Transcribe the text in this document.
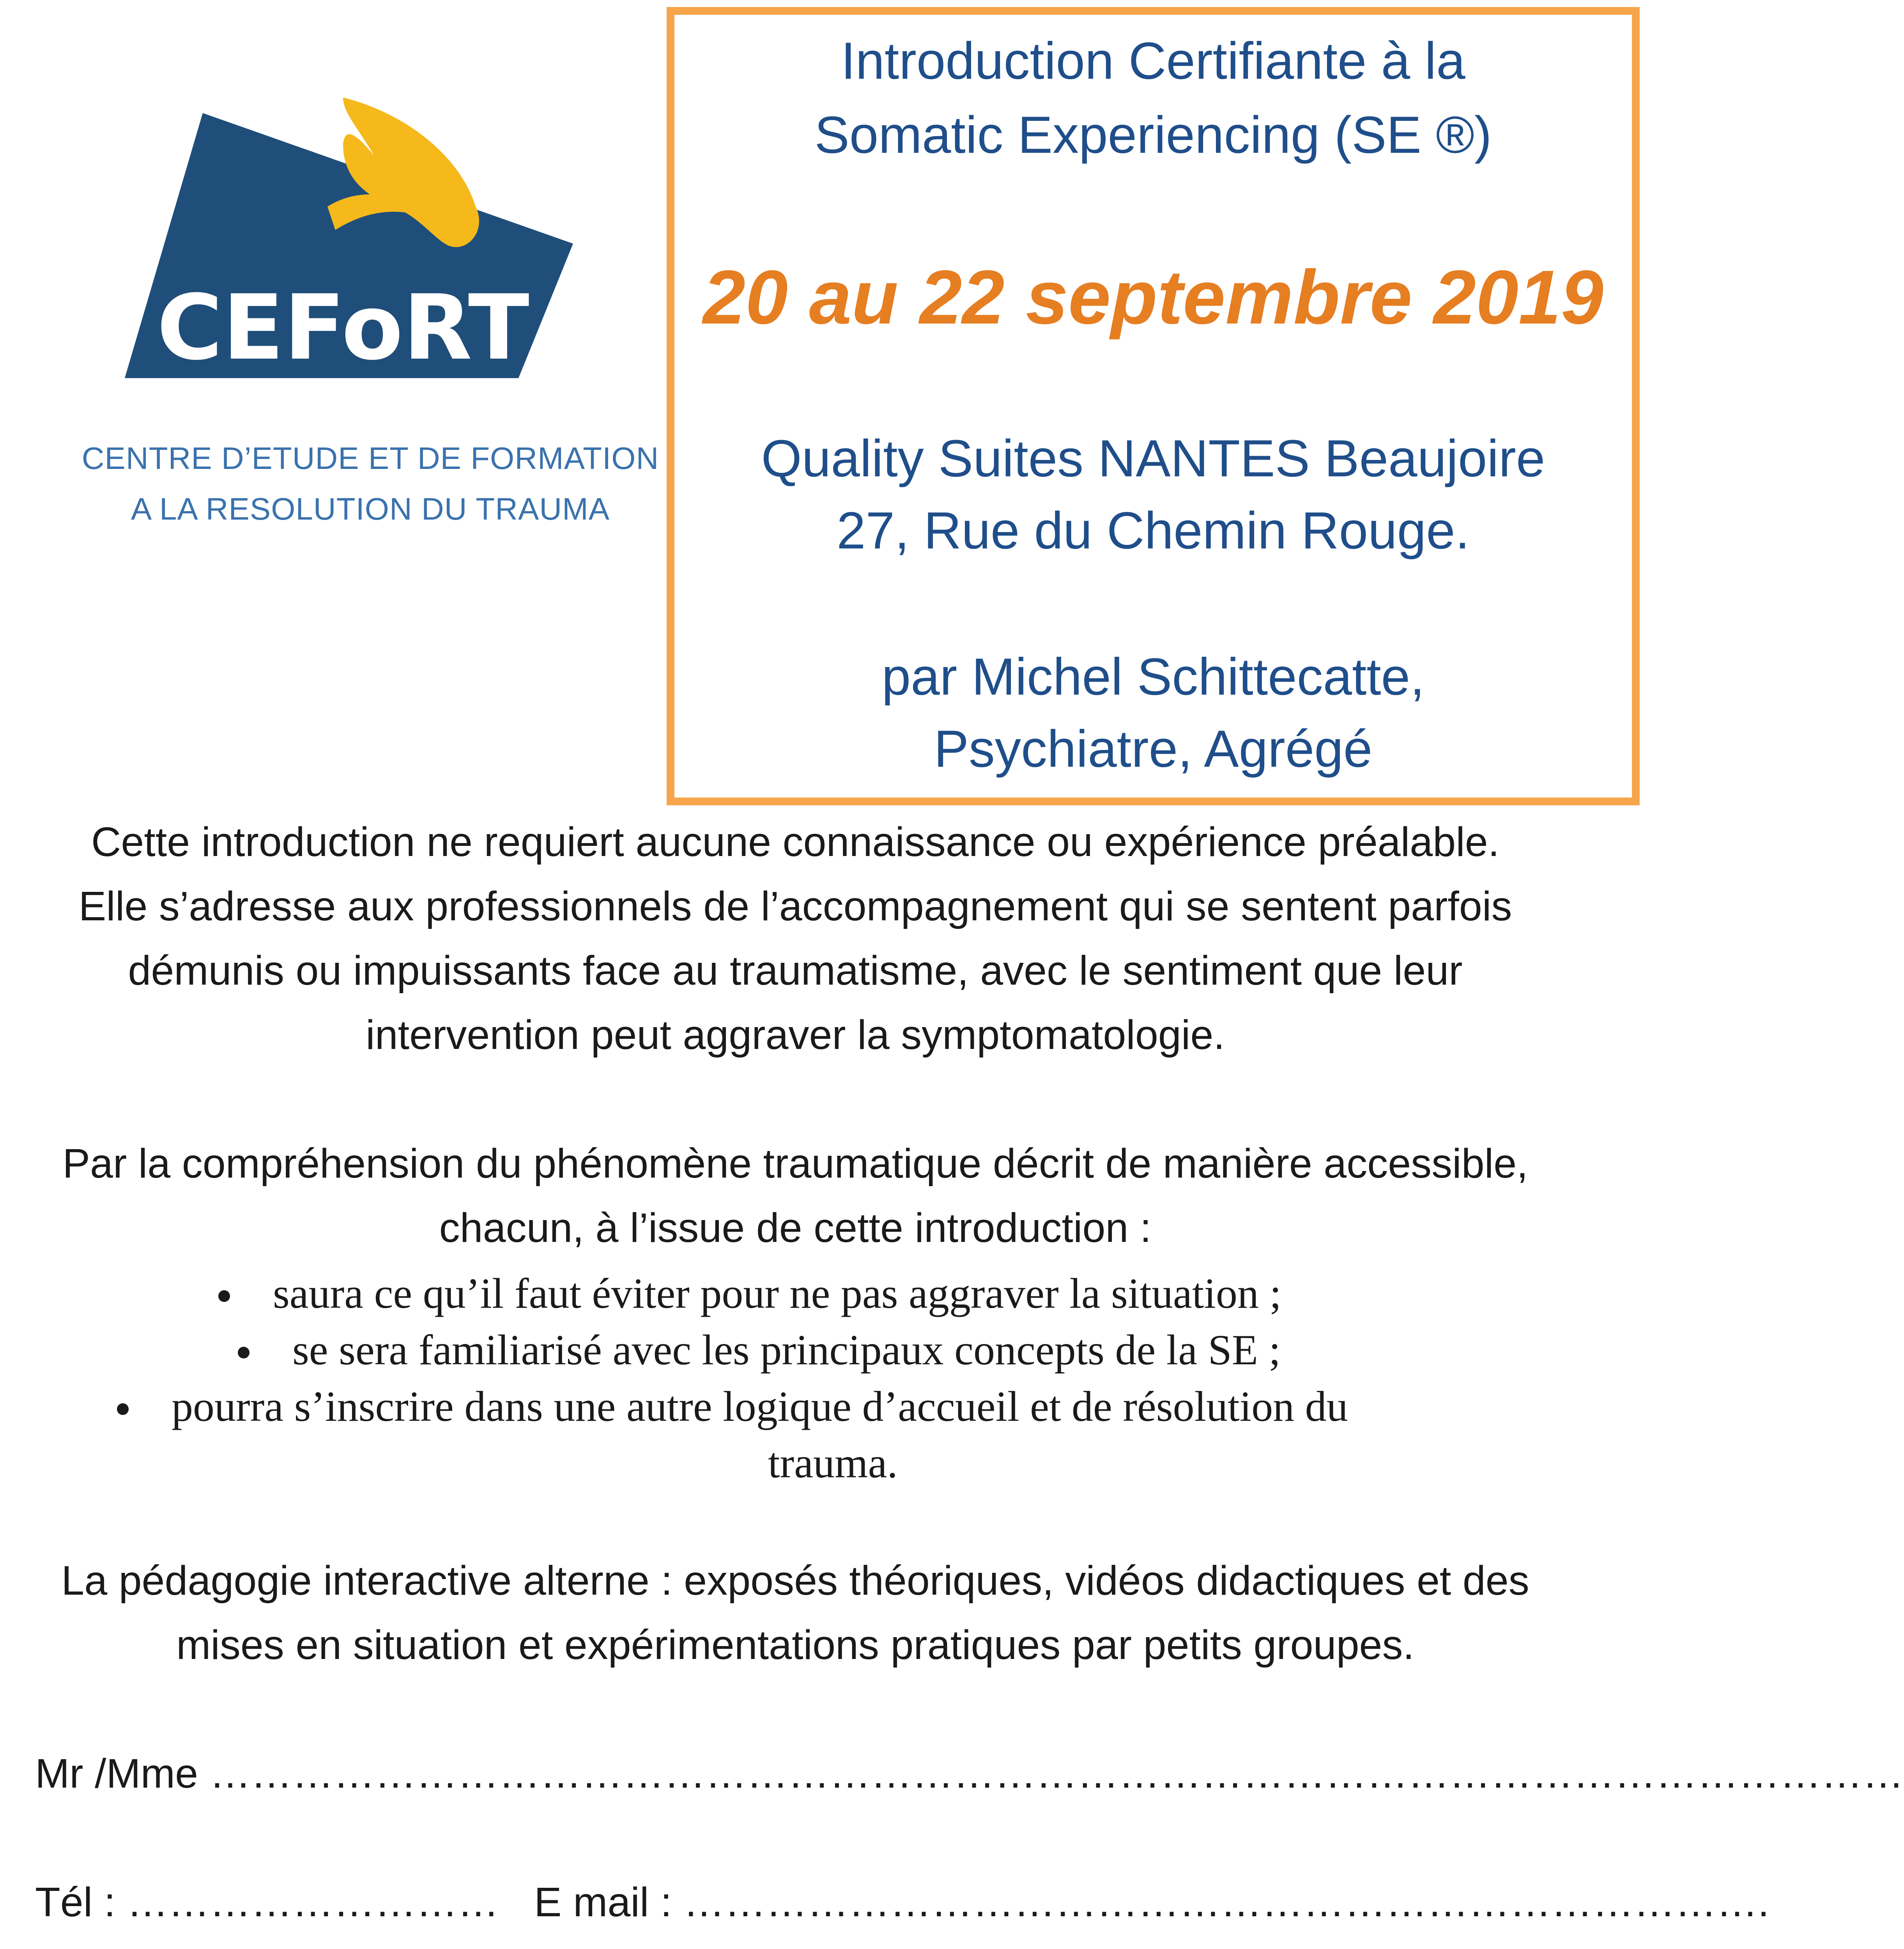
CEFoRT
CENTRE D’ETUDE ET DE FORMATION
A LA RESOLUTION DU TRAUMA
Introduction Certifiante à la
Somatic Experiencing (SE ®)
20 au 22 septembre 2019
Quality Suites NANTES Beaujoire
27, Rue du Chemin Rouge.
par Michel Schittecatte,
Psychiatre, Agrégé
Cette introduction ne requiert aucune connaissance ou expérience préalable.
Elle s’adresse aux professionnels de l’accompagnement qui se sentent parfois
démunis ou impuissants face au traumatisme, avec le sentiment que leur
intervention peut aggraver la symptomatologie.
Par la compréhension du phénomène traumatique décrit de manière accessible,
chacun, à l’issue de cette introduction :
saura ce qu’il faut éviter pour ne pas aggraver la situation ;
se sera familiarisé avec les principaux concepts de la SE ;
pourra s’inscrire dans une autre logique d’accueil et de résolution du
trauma.
La pédagogie interactive alterne : exposés théoriques, vidéos didactiques et des
mises en situation et expérimentations pratiques par petits groupes.
Mr /Mme ……………………………………………………………………………………………………………
Tél : ……………………… E mail : …………………………………………………………………….
